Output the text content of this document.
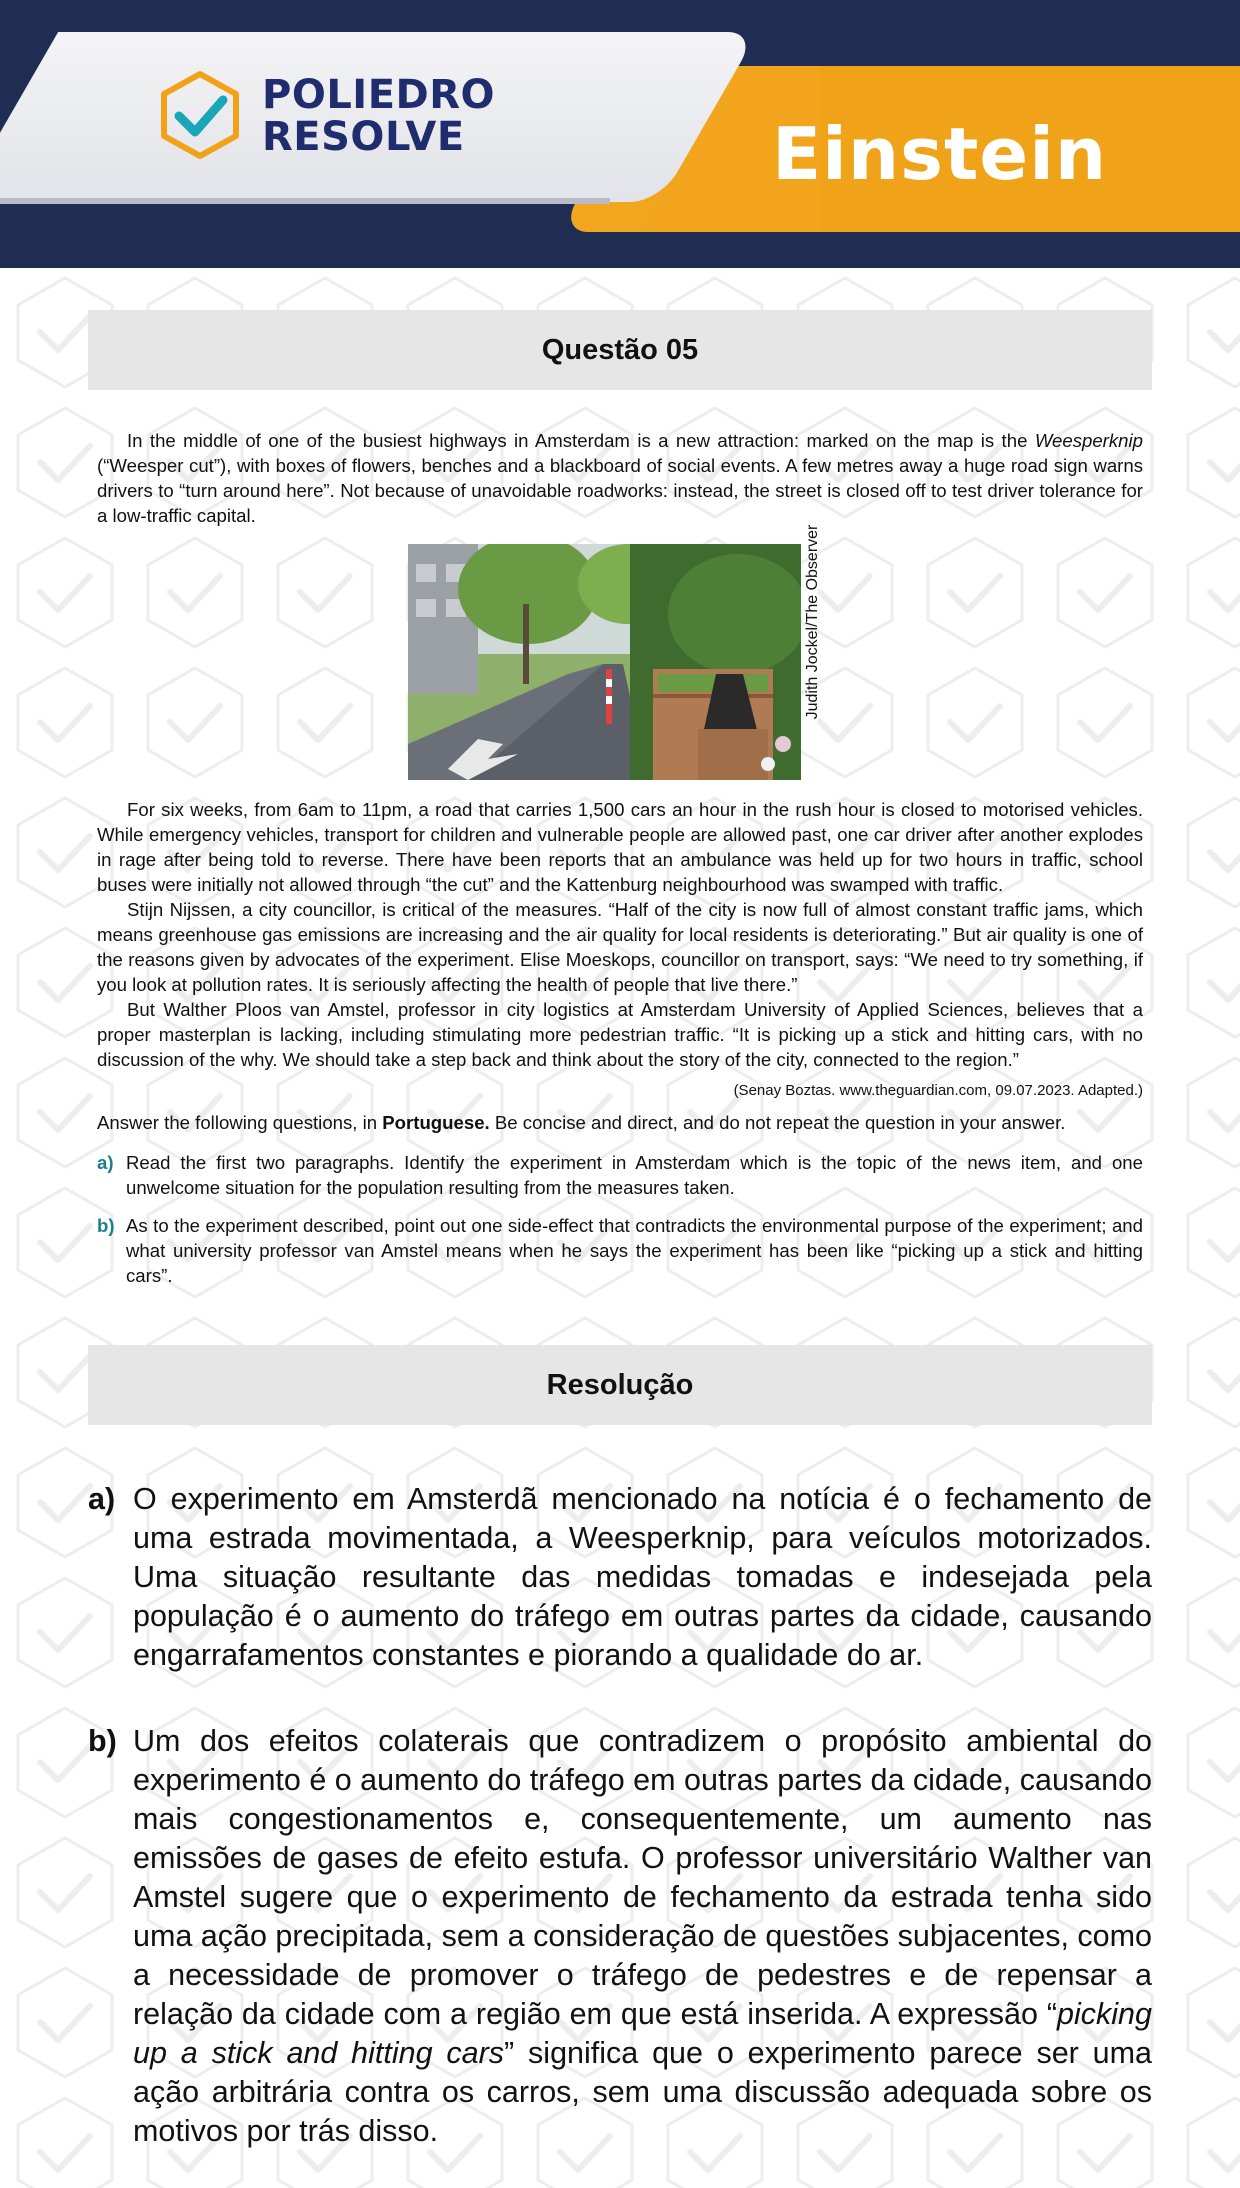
POLIEDRO
RESOLVE	Einstein
Questão 05

In the middle of one of the busiest highways in Amsterdam is a new attraction: marked on the map is the Weesperknip (“Weesper cut”), with boxes of flowers, benches and a blackboard of social events. A few metres away a huge road sign warns drivers to “turn around here”. Not because of unavoidable roadworks: instead, the street is closed off to test driver tolerance for a low-traffic capital.

Judith Jockel/The Observer

For six weeks, from 6am to 11pm, a road that carries 1,500 cars an hour in the rush hour is closed to motorised vehicles. While emergency vehicles, transport for children and vulnerable people are allowed past, one car driver after another explodes in rage after being told to reverse. There have been reports that an ambulance was held up for two hours in traffic, school buses were initially not allowed through “the cut” and the Kattenburg neighbourhood was swamped with traffic.

Stijn Nijssen, a city councillor, is critical of the measures. “Half of the city is now full of almost constant traffic jams, which means greenhouse gas emissions are increasing and the air quality for local residents is deteriorating.” But air quality is one of the reasons given by advocates of the experiment. Elise Moeskops, councillor on transport, says: “We need to try something, if you look at pollution rates. It is seriously affecting the health of people that live there.”

But Walther Ploos van Amstel, professor in city logistics at Amsterdam University of Applied Sciences, believes that a proper masterplan is lacking, including stimulating more pedestrian traffic. “It is picking up a stick and hitting cars, with no discussion of the why. We should take a step back and think about the story of the city, connected to the region.”

(Senay Boztas. www.theguardian.com, 09.07.2023. Adapted.)
Answer the following questions, in Portuguese. Be concise and direct, and do not repeat the question in your answer.
a) Read the first two paragraphs. Identify the experiment in Amsterdam which is the topic of the news item, and one unwelcome situation for the population resulting from the measures taken.
b) As to the experiment described, point out one side-effect that contradicts the environmental purpose of the experiment; and what university professor van Amstel means when he says the experiment has been like “picking up a stick and hitting cars”.
Resolução
a) O experimento em Amsterdã mencionado na notícia é o fechamento de uma estrada movimentada, a Weesperknip, para veículos motorizados. Uma situação resultante das medidas tomadas e indesejada pela população é o aumento do tráfego em outras partes da cidade, causando engarrafamentos constantes e piorando a qualidade do ar.
b) Um dos efeitos colaterais que contradizem o propósito ambiental do experimento é o aumento do tráfego em outras partes da cidade, causando mais congestionamentos e, consequentemente, um aumento nas emissões de gases de efeito estufa. O professor universitário Walther van Amstel sugere que o experimento de fechamento da estrada tenha sido uma ação precipitada, sem a consideração de questões subjacentes, como a necessidade de promover o tráfego de pedestres e de repensar a relação da cidade com a região em que está inserida. A expressão “picking up a stick and hitting cars” significa que o experimento parece ser uma ação arbitrária contra os carros, sem uma discussão adequada sobre os motivos por trás disso.
